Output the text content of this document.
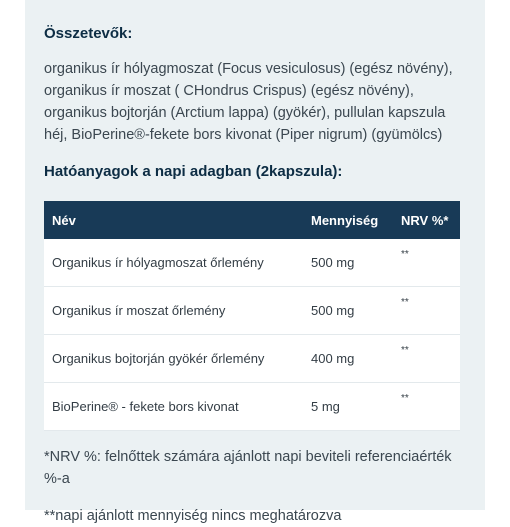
Összetevők:

organikus ír hólyagmoszat (Focus vesiculosus) (egész növény), organikus ír moszat ( CHondrus Crispus) (egész növény), organikus bojtorján (Arctium lappa) (gyökér), pullulan kapszula héj, BioPerine®-fekete bors kivonat (Piper nigrum) (gyümölcs)

Hatóanyagok a napi adagban (2kapszula):

Név	Mennyiség	NRV %*
Organikus ír hólyagmoszat őrlemény	500 mg	**
Organikus ír moszat őrlemény	500 mg	**
Organikus bojtorján gyökér őrlemény	400 mg	**
BioPerine® - fekete bors kivonat	5 mg	**

*NRV %: felnőttek számára ajánlott napi beviteli referenciaérték %-a

**napi ajánlott mennyiség nincs meghatározva
